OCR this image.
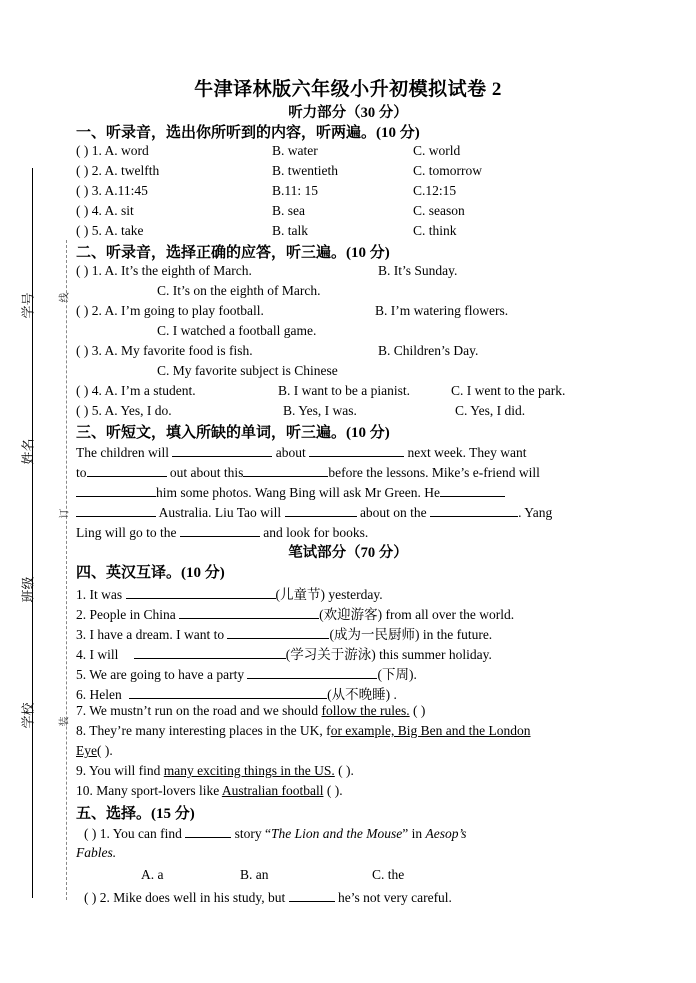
学号
姓名
班级
学校
线
订
装
牛津译林版六年级小升初模拟试卷 2
听力部分（30 分）
一、听录音，选出你所听到的内容，听两遍。(10 分)
( ) 1. A. word	B. water	C. world
( ) 2. A. twelfth	B. twentieth	C. tomorrow
( ) 3. A.11:45	B.11: 15	C.12:15
( ) 4. A. sit	B. sea	C. season
( ) 5. A. take	B. talk	C. think
二、听录音，选择正确的应答，听三遍。(10 分)
( ) 1. A. It’s the eighth of March.	B. It’s Sunday.
C. It’s on the eighth of March.
( ) 2. A. I’m going to play football.	B. I’m watering flowers.
C. I watched a football game.
( ) 3. A. My favorite food is fish.	B. Children’s Day.
C. My favorite subject is Chinese
( ) 4. A. I’m a student.	B. I want to be a pianist.	C. I went to the park.
( ) 5. A. Yes, I do.	B. Yes, I was.	C. Yes, I did.
三、听短文，填入所缺的单词，听三遍。(10 分)
The children will	about	next week. They want
to	out about this	before the lessons. Mike’s e-friend will
him some photos. Wang Bing will ask Mr Green. He
Australia. Liu Tao will	about on the	. Yang
Ling will go to the	and look for books.
笔试部分（70 分）
四、英汉互译。(10 分)
1. It was	(儿童节) yesterday.
2. People in China	(欢迎游客) from all over the world.
3. I have a dream. I want to	(成为一民厨师) in the future.
4. I will	(学习关于游泳) this summer holiday.
5. We are going to have a party	(下周).
6. Helen	(从不晚睡) .
7. We mustn’t run on the road and we should follow the rules. ( )
8. They’re many interesting places in the UK, for example, Big Ben and the London
Eye( ).
9. You will find many exciting things in the US. ( ).
10. Many sport-lovers like Australian football ( ).
五、选择。(15 分)
( ) 1. You can find	story “The Lion and the Mouse” in Aesop’s
Fables.
A. a	B. an	C. the
( ) 2. Mike does well in his study, but	he’s not very careful.
